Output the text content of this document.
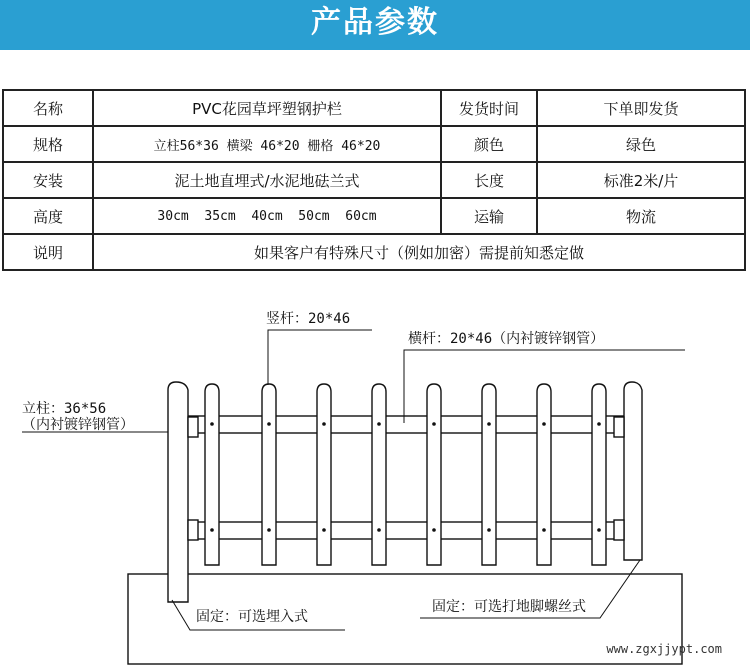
产品参数
名称	PVC花园草坪塑钢护栏	发货时间	下单即发货
规格	立柱56*36 横梁 46*20 栅格 46*20	颜色	绿色
安装	泥土地直埋式/水泥地砝兰式	长度	标准2米/片
高度	30cm  35cm  40cm  50cm  60cm	运输	物流
说明	如果客户有特殊尺寸（例如加密）需提前知悉定做		
竖杆：20*46
横杆：20*46（内衬镀锌钢管）
立柱：36*56
（内衬镀锌钢管）
固定：可选埋入式
固定：可选打地脚螺丝式
www.zgxjjypt.com
